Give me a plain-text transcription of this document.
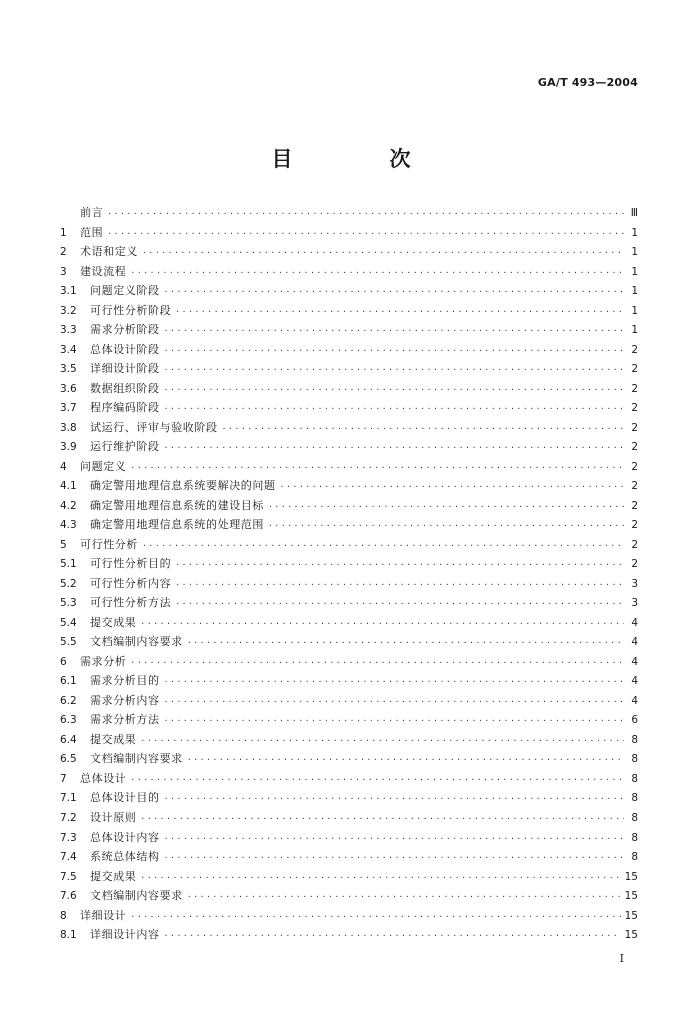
GA/T 493—2004
目　次
前言 ·····	Ⅲ
1	范围 ·····	1
2	术语和定义 ·····	1
3	建设流程 ·····	1
3.1	问题定义阶段 ·····	1
3.2	可行性分析阶段 ·····	1
3.3	需求分析阶段 ·····	1
3.4	总体设计阶段 ·····	2
3.5	详细设计阶段 ·····	2
3.6	数据组织阶段 ·····	2
3.7	程序编码阶段 ·····	2
3.8	试运行、评审与验收阶段 ·····	2
3.9	运行维护阶段 ·····	2
4	问题定义 ·····	2
4.1	确定警用地理信息系统要解决的问题 ·····	2
4.2	确定警用地理信息系统的建设目标 ·····	2
4.3	确定警用地理信息系统的处理范围 ·····	2
5	可行性分析 ·····	2
5.1	可行性分析目的 ·····	2
5.2	可行性分析内容 ·····	3
5.3	可行性分析方法 ·····	3
5.4	提交成果 ·····	4
5.5	文档编制内容要求 ·····	4
6	需求分析 ·····	4
6.1	需求分析目的 ·····	4
6.2	需求分析内容 ·····	4
6.3	需求分析方法 ·····	6
6.4	提交成果 ·····	8
6.5	文档编制内容要求 ·····	8
7	总体设计 ·····	8
7.1	总体设计目的 ·····	8
7.2	设计原则 ·····	8
7.3	总体设计内容 ·····	8
7.4	系统总体结构 ·····	8
7.5	提交成果 ·····	15
7.6	文档编制内容要求 ·····	15
8	详细设计 ·····	15
8.1	详细设计内容 ·····	15
Ⅰ
